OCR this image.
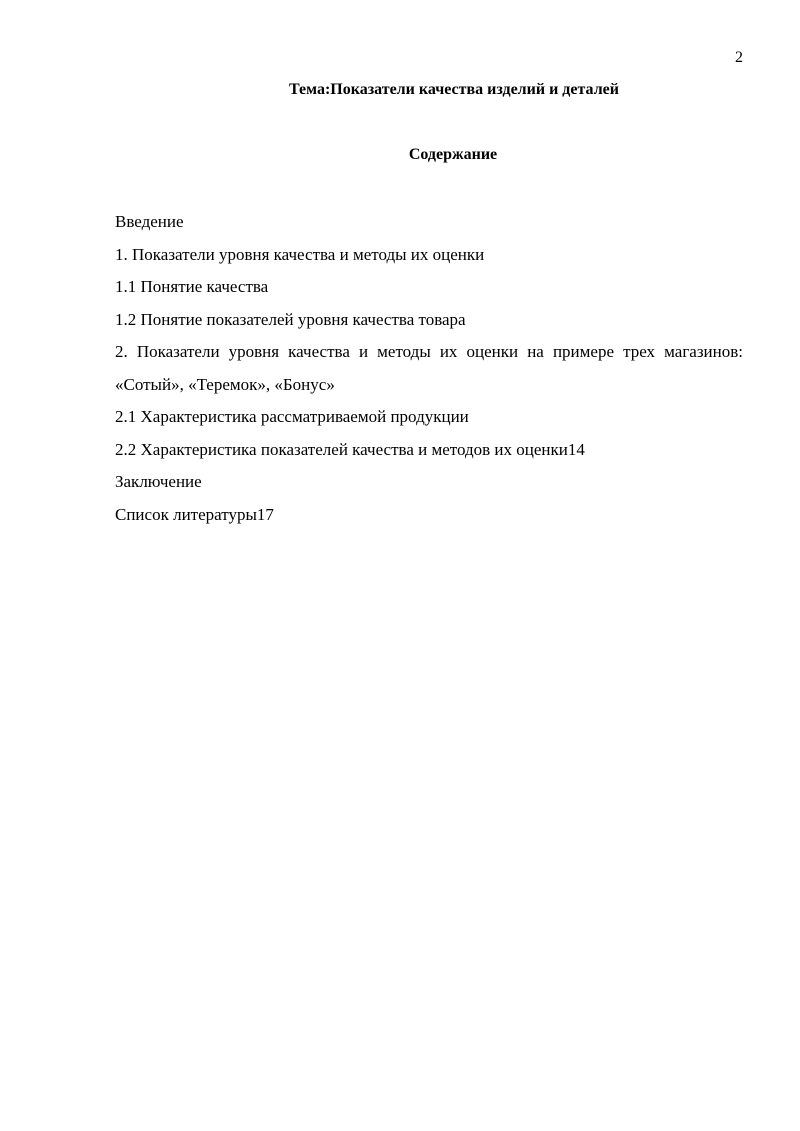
2
Тема:Показатели качества изделий и деталей
Содержание
Введение
1. Показатели уровня качества и методы их оценки
1.1 Понятие качества
1.2 Понятие показателей уровня качества товара
2. Показатели уровня качества и методы их оценки на примере трех магазинов: «Сотый», «Теремок», «Бонус»
2.1 Характеристика рассматриваемой продукции
2.2 Характеристика показателей качества и методов их оценки14
Заключение
Список литературы17
